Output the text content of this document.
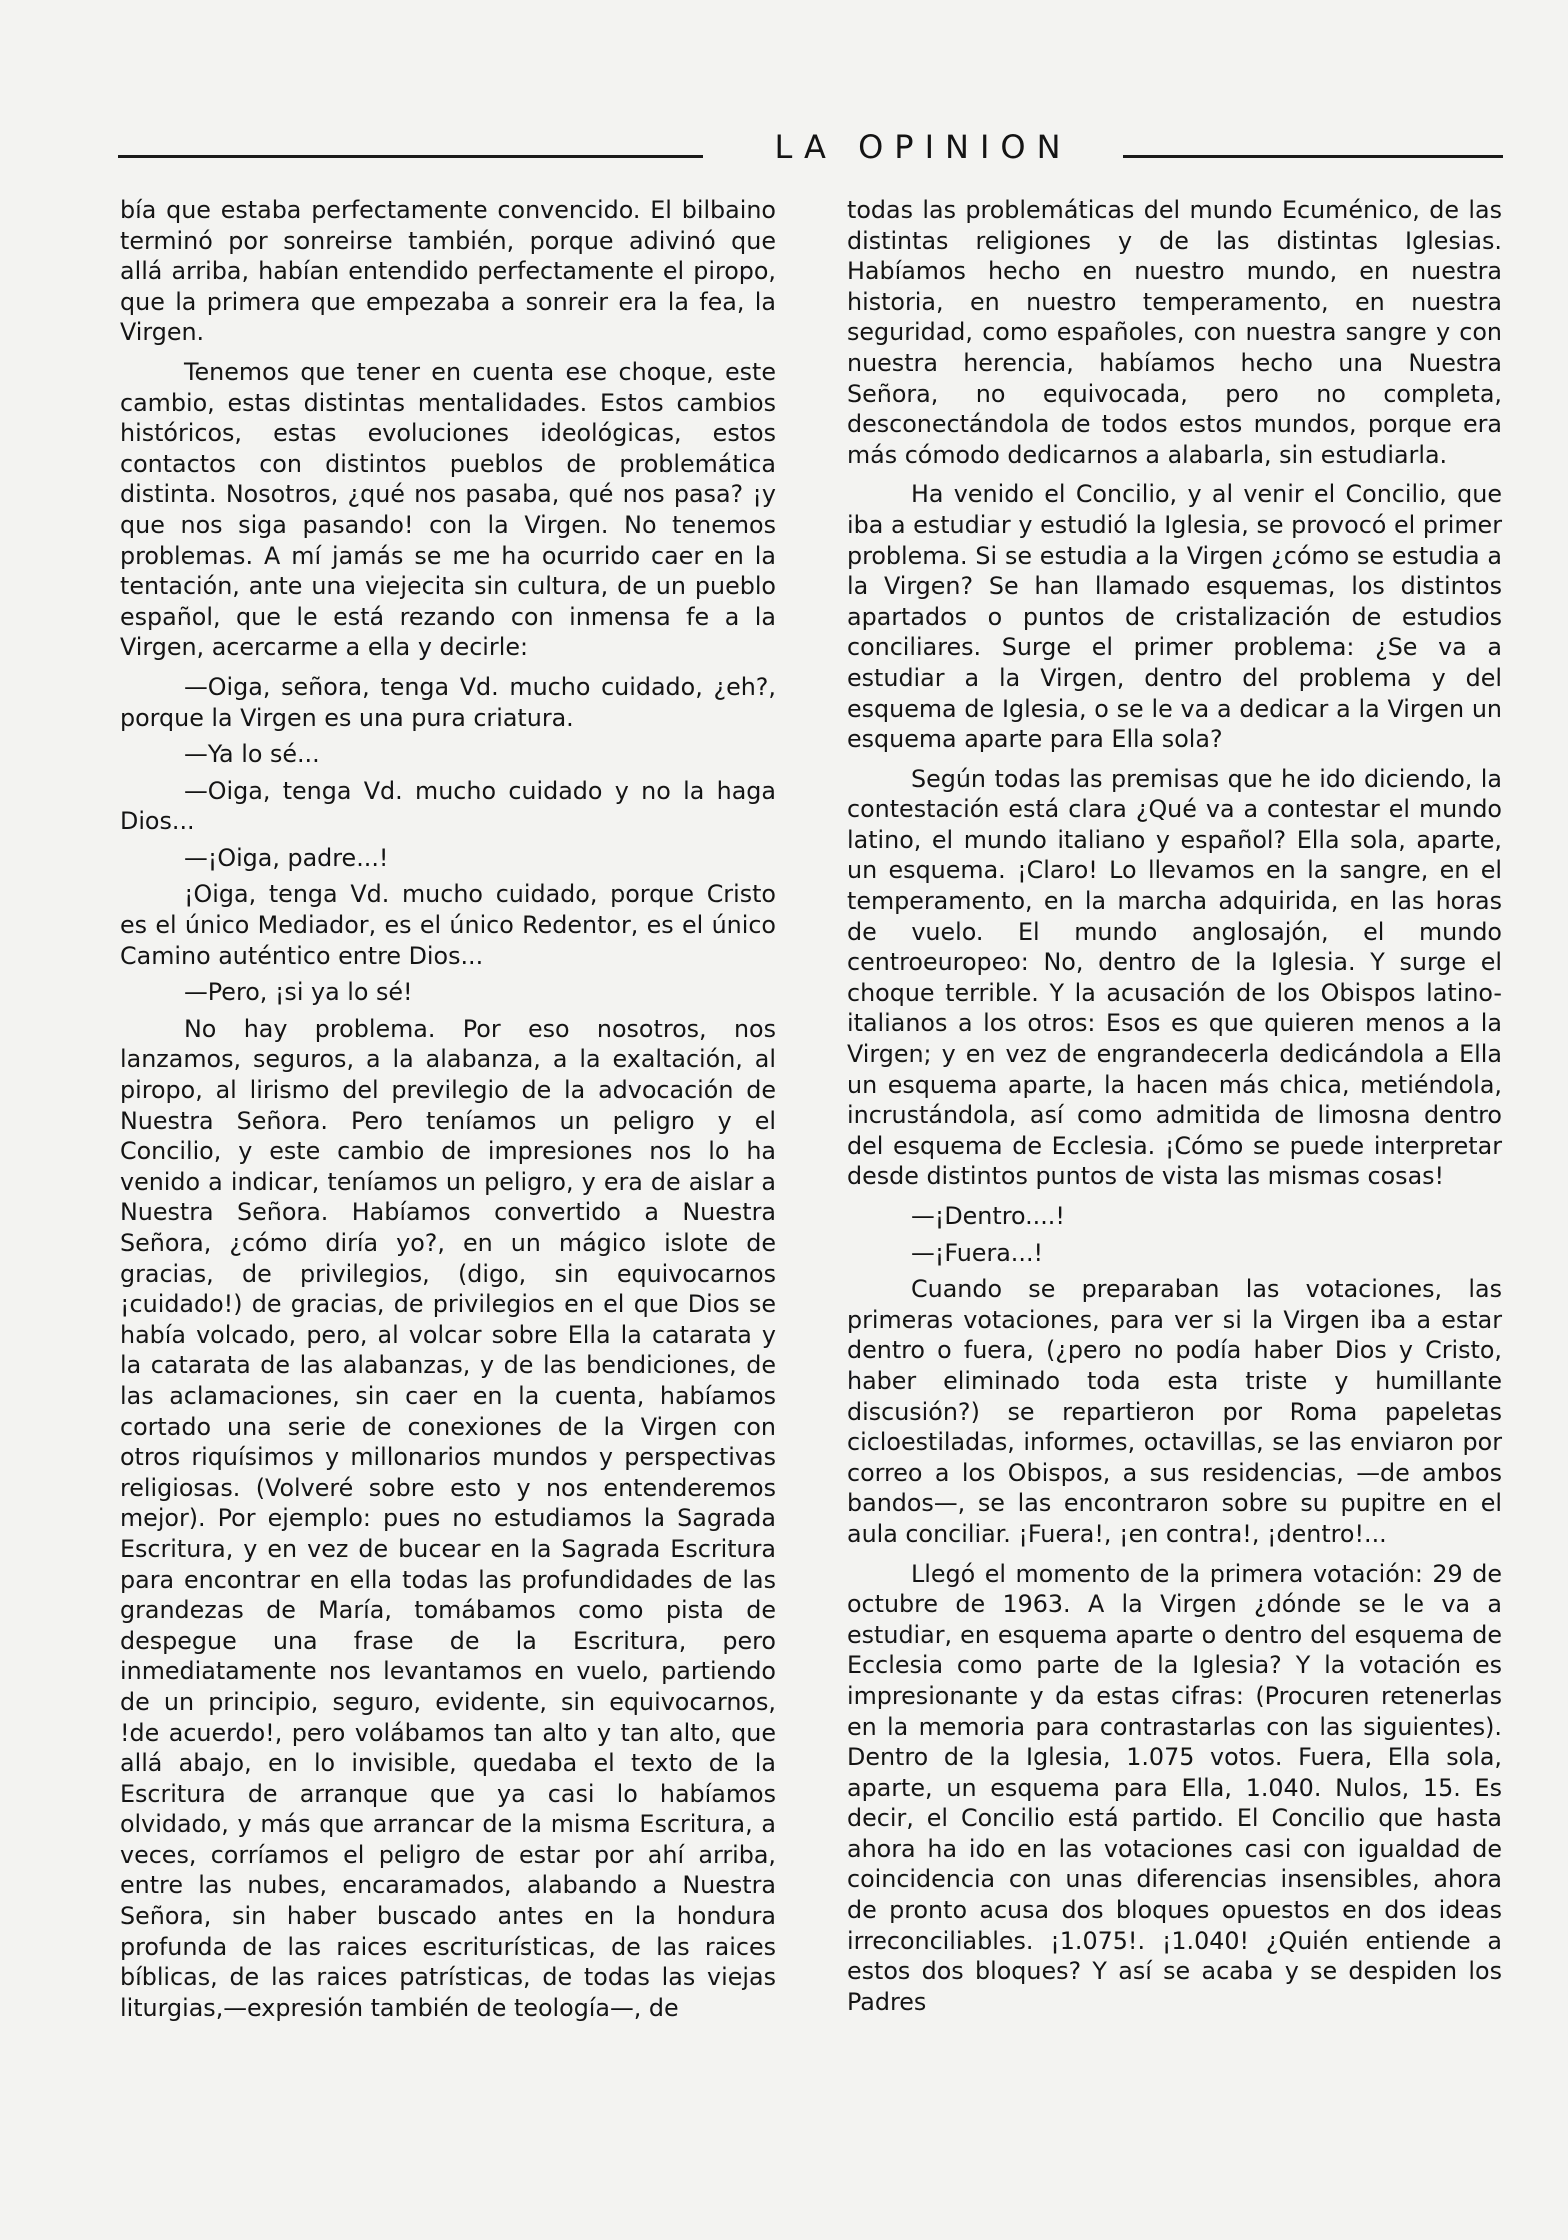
LA OPINION

bía que estaba perfectamente convencido. El bilbaino terminó por sonreirse también, porque adivinó que allá arriba, habían entendido perfectamente el piropo, que la primera que empezaba a sonreir era la fea, la Virgen.

Tenemos que tener en cuenta ese choque, este cambio, estas distintas mentalidades. Estos cambios históricos, estas evoluciones ideológicas, estos contactos con distintos pueblos de problemática distinta. Nosotros, ¿qué nos pasaba, qué nos pasa? ¡y que nos siga pasando! con la Virgen. No tenemos problemas. A mí jamás se me ha ocurrido caer en la tentación, ante una viejecita sin cultura, de un pueblo español, que le está rezando con inmensa fe a la Virgen, acercarme a ella y decirle:

—Oiga, señora, tenga Vd. mucho cuidado, ¿eh?, porque la Virgen es una pura criatura.

—Ya lo sé...

—Oiga, tenga Vd. mucho cuidado y no la haga Dios...

—¡Oiga, padre...!

¡Oiga, tenga Vd. mucho cuidado, porque Cristo es el único Mediador, es el único Redentor, es el único Camino auténtico entre Dios...

—Pero, ¡si ya lo sé!

No hay problema. Por eso nosotros, nos lanzamos, seguros, a la alabanza, a la exaltación, al piropo, al lirismo del previlegio de la advocación de Nuestra Señora. Pero teníamos un peligro y el Concilio, y este cambio de impresiones nos lo ha venido a indicar, teníamos un peligro, y era de aislar a Nuestra Señora. Habíamos convertido a Nuestra Señora, ¿cómo diría yo?, en un mágico islote de gracias, de privilegios, (digo, sin equivocarnos ¡cuidado!) de gracias, de privilegios en el que Dios se había volcado, pero, al volcar sobre Ella la catarata y la catarata de las alabanzas, y de las bendiciones, de las aclamaciones, sin caer en la cuenta, habíamos cortado una serie de conexiones de la Virgen con otros riquísimos y millonarios mundos y perspectivas religiosas. (Volveré sobre esto y nos entenderemos mejor). Por ejemplo: pues no estudiamos la Sagrada Escritura, y en vez de bucear en la Sagrada Escritura para encontrar en ella todas las profundidades de las grandezas de María, tomábamos como pista de despegue una frase de la Escritura, pero inmediatamente nos levantamos en vuelo, partiendo de un principio, seguro, evidente, sin equivocarnos, !de acuerdo!, pero volábamos tan alto y tan alto, que allá abajo, en lo invisible, quedaba el texto de la Escritura de arranque que ya casi lo habíamos olvidado, y más que arrancar de la misma Escritura, a veces, corríamos el peligro de estar por ahí arriba, entre las nubes, encaramados, alabando a Nuestra Señora, sin haber buscado antes en la hondura profunda de las raices escriturísticas, de las raices bíblicas, de las raices patrísticas, de todas las viejas liturgias,—expresión también de teología—, de

todas las problemáticas del mundo Ecuménico, de las distintas religiones y de las distintas Iglesias. Habíamos hecho en nuestro mundo, en nuestra historia, en nuestro temperamento, en nuestra seguridad, como españoles, con nuestra sangre y con nuestra herencia, habíamos hecho una Nuestra Señora, no equivocada, pero no completa, desconectándola de todos estos mundos, porque era más cómodo dedicarnos a alabarla, sin estudiarla.

Ha venido el Concilio, y al venir el Concilio, que iba a estudiar y estudió la Iglesia, se provocó el primer problema. Si se estudia a la Virgen ¿cómo se estudia a la Virgen? Se han llamado esquemas, los distintos apartados o puntos de cristalización de estudios conciliares. Surge el primer problema: ¿Se va a estudiar a la Virgen, dentro del problema y del esquema de Iglesia, o se le va a dedicar a la Virgen un esquema aparte para Ella sola?

Según todas las premisas que he ido diciendo, la contestación está clara ¿Qué va a contestar el mundo latino, el mundo italiano y español? Ella sola, aparte, un esquema. ¡Claro! Lo llevamos en la sangre, en el temperamento, en la marcha adquirida, en las horas de vuelo. El mundo anglosajón, el mundo centroeuropeo: No, dentro de la Iglesia. Y surge el choque terrible. Y la acusación de los Obispos latino-italianos a los otros: Esos es que quieren menos a la Virgen; y en vez de engrandecerla dedicándola a Ella un esquema aparte, la hacen más chica, metiéndola, incrustándola, así como admitida de limosna dentro del esquema de Ecclesia. ¡Cómo se puede interpretar desde distintos puntos de vista las mismas cosas!

—¡Dentro....!

—¡Fuera...!

Cuando se preparaban las votaciones, las primeras votaciones, para ver si la Virgen iba a estar dentro o fuera, (¿pero no podía haber Dios y Cristo, haber eliminado toda esta triste y humillante discusión?) se repartieron por Roma papeletas cicloestiladas, informes, octavillas, se las enviaron por correo a los Obispos, a sus residencias, —de ambos bandos—, se las encontraron sobre su pupitre en el aula conciliar. ¡Fuera!, ¡en contra!, ¡dentro!...

Llegó el momento de la primera votación: 29 de octubre de 1963. A la Virgen ¿dónde se le va a estudiar, en esquema aparte o dentro del esquema de Ecclesia como parte de la Iglesia? Y la votación es impresionante y da estas cifras: (Procuren retenerlas en la memoria para contrastarlas con las siguientes). Dentro de la Iglesia, 1.075 votos. Fuera, Ella sola, aparte, un esquema para Ella, 1.040. Nulos, 15. Es decir, el Concilio está partido. El Concilio que hasta ahora ha ido en las votaciones casi con igualdad de coincidencia con unas diferencias insensibles, ahora de pronto acusa dos bloques opuestos en dos ideas irreconciliables. ¡1.075!. ¡1.040! ¿Quién entiende a estos dos bloques? Y así se acaba y se despiden los Padres
